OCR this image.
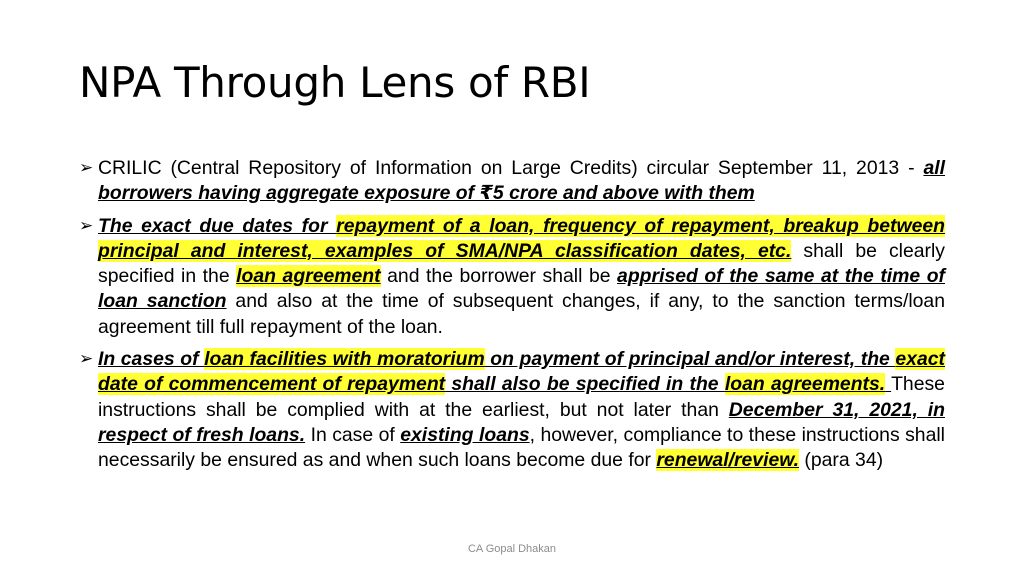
NPA Through Lens of RBI
➢ CRILIC (Central Repository of Information on Large Credits) circular September 11, 2013 - all borrowers having aggregate exposure of ₹5 crore and above with them
➢ The exact due dates for repayment of a loan, frequency of repayment, breakup between principal and interest, examples of SMA/NPA classification dates, etc. shall be clearly specified in the loan agreement and the borrower shall be apprised of the same at the time of loan sanction and also at the time of subsequent changes, if any, to the sanction terms/loan agreement till full repayment of the loan.
➢ In cases of loan facilities with moratorium on payment of principal and/or interest, the exact date of commencement of repayment shall also be specified in the loan agreements. These instructions shall be complied with at the earliest, but not later than December 31, 2021, in respect of fresh loans. In case of existing loans, however, compliance to these instructions shall necessarily be ensured as and when such loans become due for renewal/review. (para 34)
CA Gopal Dhakan
